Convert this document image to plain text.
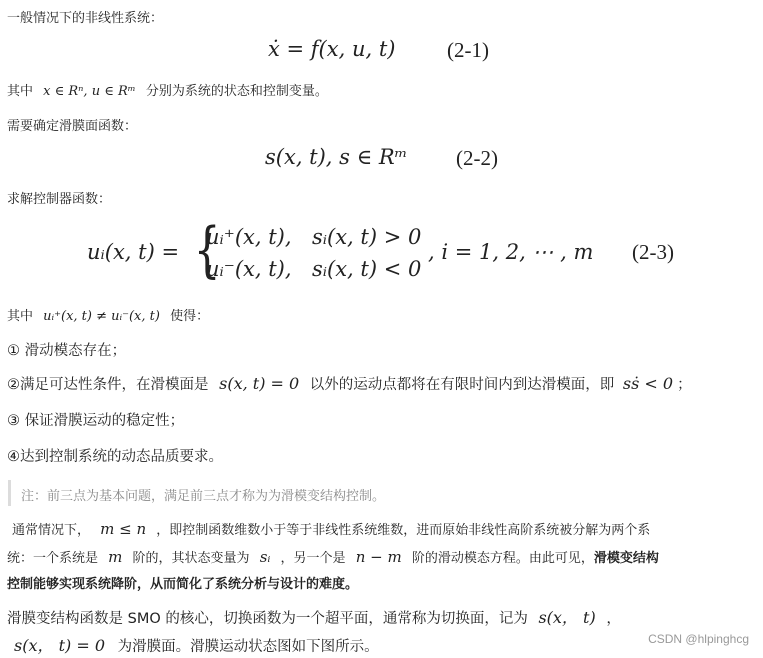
一般情况下的非线性系统：
ẋ = f(x, u, t) (2-1)
其中 x ∈ Rⁿ, u ∈ Rᵐ 分别为系统的状态和控制变量。
需要确定滑膜面函数：
s(x, t), s ∈ Rᵐ (2-2)
求解控制器函数：
uᵢ(x, t) = {
uᵢ⁺(x, t), sᵢ(x, t) > 0
uᵢ⁻(x, t), sᵢ(x, t) < 0
, i = 1, 2, ⋯ , m (2-3)
其中 uᵢ⁺(x, t) ≠ uᵢ⁻(x, t) 使得：
① 滑动模态存在；
②满足可达性条件，在滑模面是 s(x, t) = 0 以外的运动点都将在有限时间内到达滑模面，即 sṡ < 0 ；
③ 保证滑膜运动的稳定性；
④达到控制系统的动态品质要求。
注：前三点为基本问题，满足前三点才称为为滑模变结构控制。
通常情况下， m ≤ n ，即控制函数维数小于等于非线性系统维数，进而原始非线性高阶系统被分解为两个系
统：一个系统是 m 阶的，其状态变量为 sᵢ ，另一个是 n − m 阶的滑动模态方程。由此可见，滑模变结构
控制能够实现系统降阶，从而简化了系统分析与设计的难度。
滑膜变结构函数是 SMO 的核心，切换函数为一个超平面，通常称为切换面，记为 s(x， t) ，
s(x， t) = 0 为滑膜面。滑膜运动状态图如下图所示。	CSDN @hlpinghcg
